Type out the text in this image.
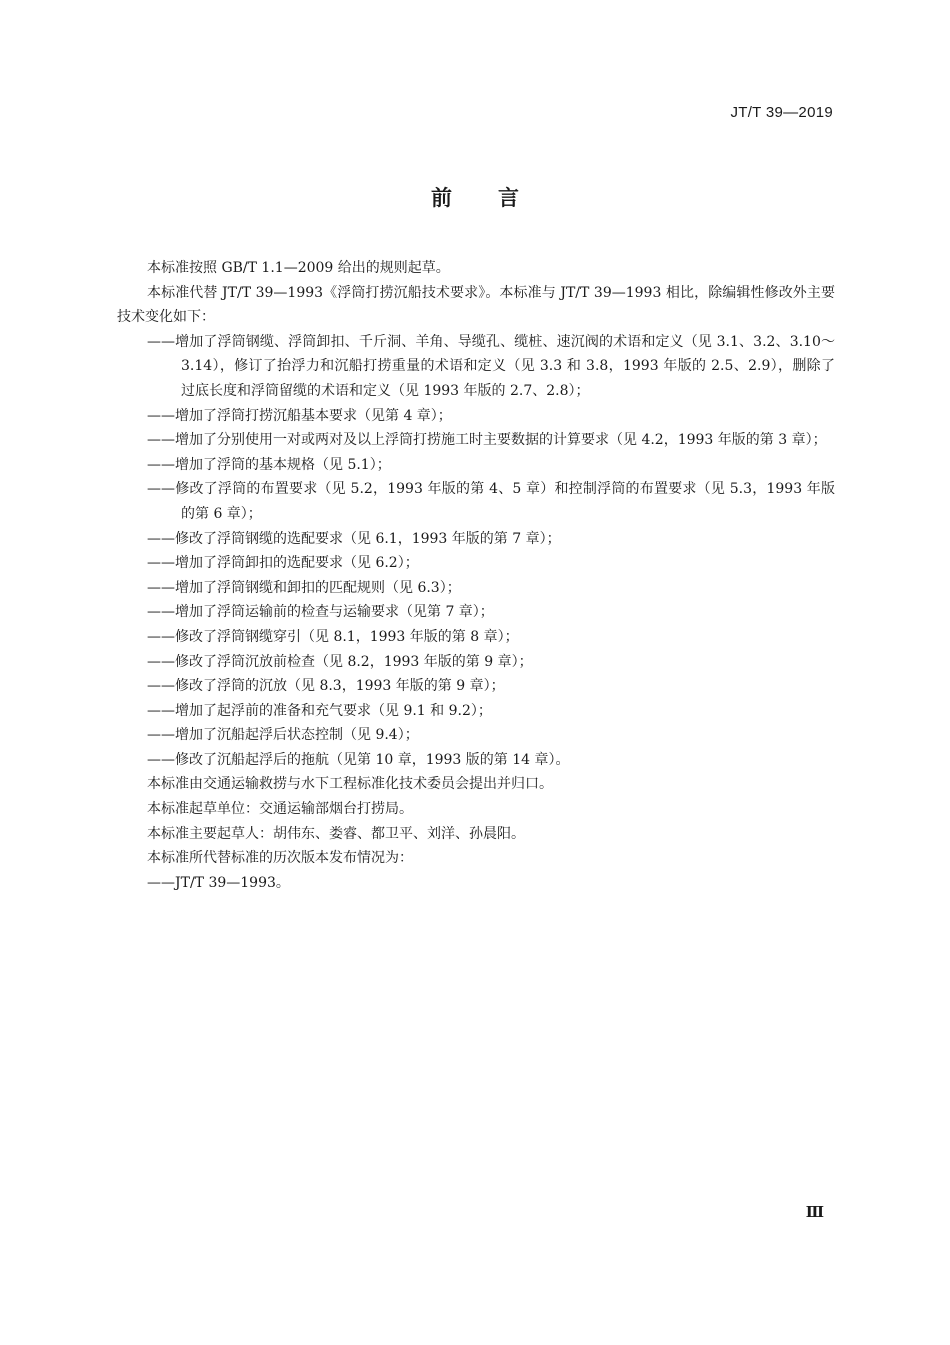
JT/T 39—2019
前言
本标准按照 GB/T 1.1—2009 给出的规则起草。
本标准代替 JT/T 39—1993《浮筒打捞沉船技术要求》。本标准与 JT/T 39—1993 相比，除编辑性修改外主要技术变化如下：
——增加了浮筒钢缆、浮筒卸扣、千斤洞、羊角、导缆孔、缆桩、速沉阀的术语和定义（见 3.1、3.2、3.10～3.14），修订了抬浮力和沉船打捞重量的术语和定义（见 3.3 和 3.8，1993 年版的 2.5、2.9），删除了过底长度和浮筒留缆的术语和定义（见 1993 年版的 2.7、2.8）；
——增加了浮筒打捞沉船基本要求（见第 4 章）；
——增加了分别使用一对或两对及以上浮筒打捞施工时主要数据的计算要求（见 4.2，1993 年版的第 3 章）；
——增加了浮筒的基本规格（见 5.1）；
——修改了浮筒的布置要求（见 5.2，1993 年版的第 4、5 章）和控制浮筒的布置要求（见 5.3，1993 年版的第 6 章）；
——修改了浮筒钢缆的选配要求（见 6.1，1993 年版的第 7 章）；
——增加了浮筒卸扣的选配要求（见 6.2）；
——增加了浮筒钢缆和卸扣的匹配规则（见 6.3）；
——增加了浮筒运输前的检查与运输要求（见第 7 章）；
——修改了浮筒钢缆穿引（见 8.1，1993 年版的第 8 章）；
——修改了浮筒沉放前检查（见 8.2，1993 年版的第 9 章）；
——修改了浮筒的沉放（见 8.3，1993 年版的第 9 章）；
——增加了起浮前的准备和充气要求（见 9.1 和 9.2）；
——增加了沉船起浮后状态控制（见 9.4）；
——修改了沉船起浮后的拖航（见第 10 章，1993 版的第 14 章）。
本标准由交通运输救捞与水下工程标准化技术委员会提出并归口。
本标准起草单位：交通运输部烟台打捞局。
本标准主要起草人：胡伟东、娄睿、都卫平、刘洋、孙晨阳。
本标准所代替标准的历次版本发布情况为：
——JT/T 39—1993。
Ⅲ
